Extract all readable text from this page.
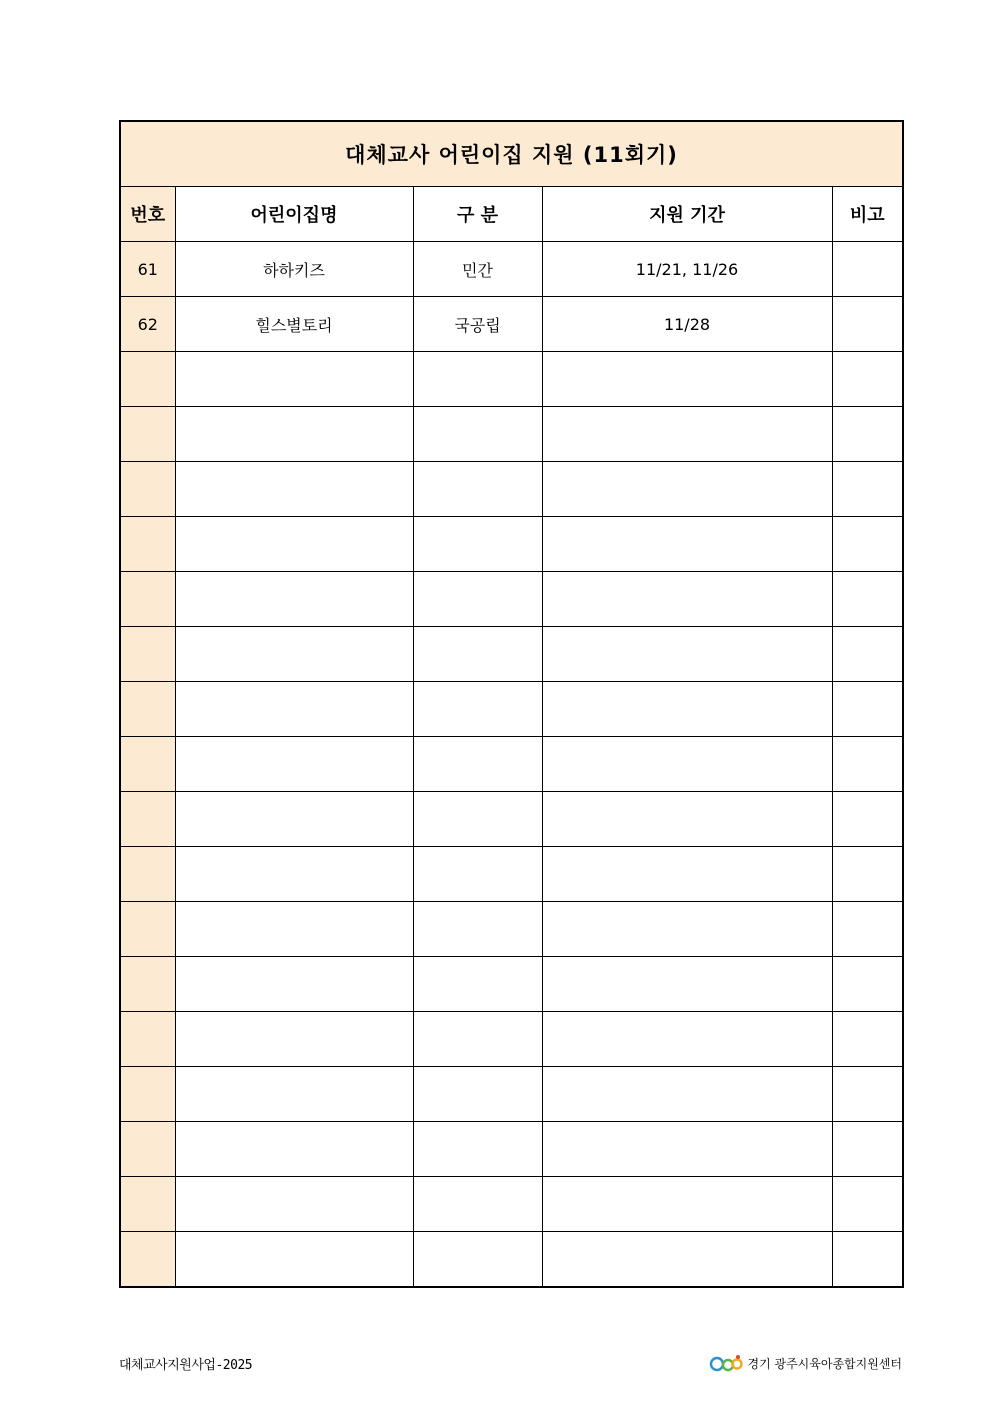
대체교사 어린이집 지원 (11회기)				
번호	어린이집명	구 분	지원 기간	비고
61	하하키즈	민간	11/21, 11/26	
62	힐스별토리	국공립	11/28	

대체교사지원사업-2025	경기 광주시육아종합지원센터
